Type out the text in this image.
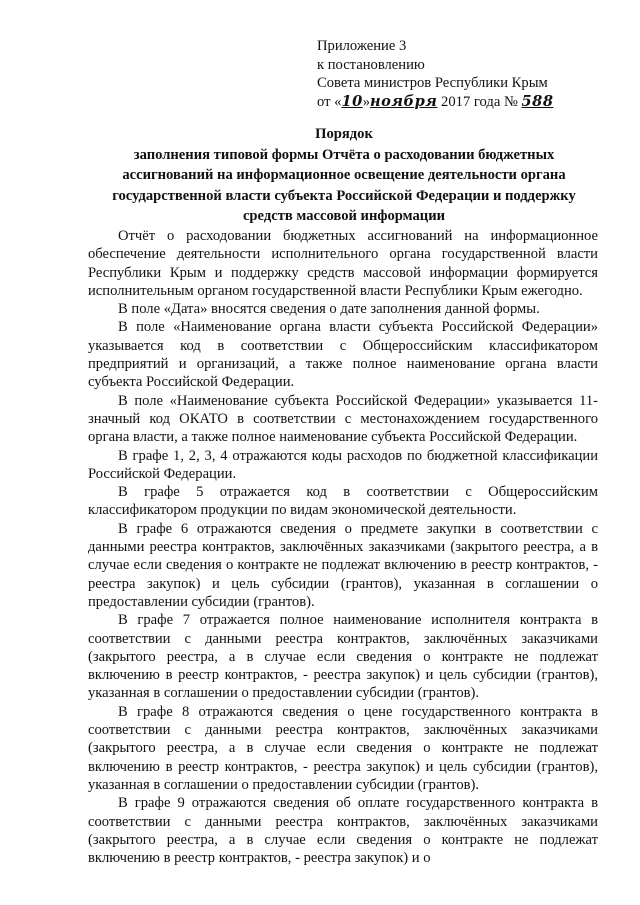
Приложение 3
к постановлению
Совета министров Республики Крым
от «10»ноября 2017 года № 588
Порядок
заполнения типовой формы Отчёта о расходовании бюджетных
ассигнований на информационное освещение деятельности органа
государственной власти субъекта Российской Федерации и поддержку
средств массовой информации

Отчёт о расходовании бюджетных ассигнований на информационное обеспечение деятельности исполнительного органа государственной власти Республики Крым и поддержку средств массовой информации формируется исполнительным органом государственной власти Республики Крым ежегодно.

В поле «Дата» вносятся сведения о дате заполнения данной формы.

В поле «Наименование органа власти субъекта Российской Федерации» указывается код в соответствии с Общероссийским классификатором предприятий и организаций, а также полное наименование органа власти субъекта Российской Федерации.

В поле «Наименование субъекта Российской Федерации» указывается 11-значный код ОКАТО в соответствии с местонахождением государственного органа власти, а также полное наименование субъекта Российской Федерации.

В графе 1, 2, 3, 4 отражаются коды расходов по бюджетной классификации Российской Федерации.

В графе 5 отражается код в соответствии с Общероссийским классификатором продукции по видам экономической деятельности.

В графе 6 отражаются сведения о предмете закупки в соответствии с данными реестра контрактов, заключённых заказчиками (закрытого реестра, а в случае если сведения о контракте не подлежат включению в реестр контрактов, - реестра закупок) и цель субсидии (грантов), указанная в соглашении о предоставлении субсидии (грантов).

В графе 7 отражается полное наименование исполнителя контракта в соответствии с данными реестра контрактов, заключённых заказчиками (закрытого реестра, а в случае если сведения о контракте не подлежат включению в реестр контрактов, - реестра закупок) и цель субсидии (грантов), указанная в соглашении о предоставлении субсидии (грантов).

В графе 8 отражаются сведения о цене государственного контракта в соответствии с данными реестра контрактов, заключённых заказчиками (закрытого реестра, а в случае если сведения о контракте не подлежат включению в реестр контрактов, - реестра закупок) и цель субсидии (грантов), указанная в соглашении о предоставлении субсидии (грантов).

В графе 9 отражаются сведения об оплате государственного контракта в соответствии с данными реестра контрактов, заключённых заказчиками (закрытого реестра, а в случае если сведения о контракте не подлежат включению в реестр контрактов, - реестра закупок) и о
